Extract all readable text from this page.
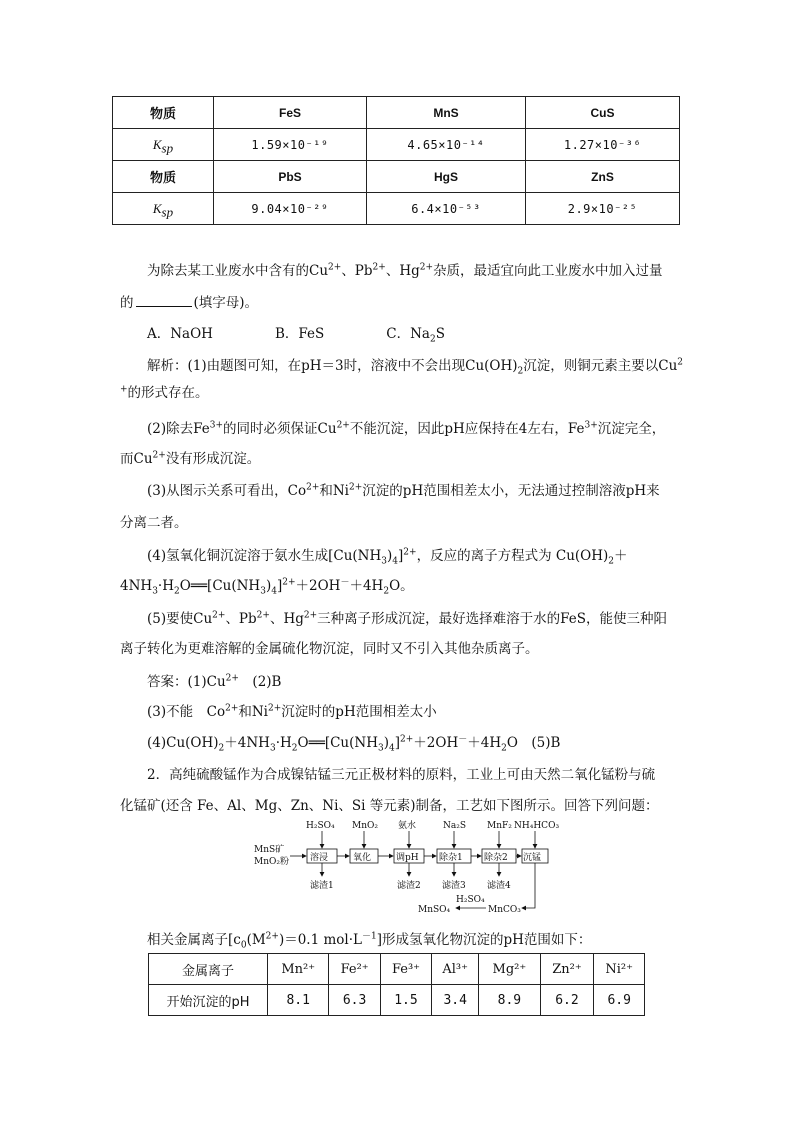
物质	FeS	MnS	CuS
$K_{sp}$	1.59×10⁻¹⁹	4.65×10⁻¹⁴	1.27×10⁻³⁶
物质	PbS	HgS	ZnS
$K_{sp}$	9.04×10⁻²⁹	6.4×10⁻⁵³	2.9×10⁻²⁵
为除去某工业废水中含有的$Cu^{2+}$、$Pb^{2+}$、$Hg^{2+}$杂质，最适宜向此工业废水中加入过量
的	(填字母)。
A．NaOH	B．FeS	C．$Na_2S$
解析：(1)由题图可知，在pH＝3时，溶液中不会出现$Cu(OH)_2$沉淀，则铜元素主要以Cu$^2$
+的形式存在。
(2)除去$Fe^{3+}$的同时必须保证$Cu^{2+}$不能沉淀，因此pH应保持在4左右，$Fe^{3+}$沉淀完全，
而$Cu^{2+}$没有形成沉淀。
(3)从图示关系可看出，$Co^{2+}$和$Ni^{2+}$沉淀的pH范围相差太小，无法通过控制溶液pH来
分离二者。
(4)氢氧化铜沉淀溶于氨水生成$[Cu(NH_3)_4]^{2+}$，反应的离子方程式为 $Cu(OH)_2+$
$4NH_3\cdot H_2O══[Cu(NH_3)_4]^{2+}+2OH^-+4H_2O$。
(5)要使$Cu^{2+}$、$Pb^{2+}$、$Hg^{2+}$三种离子形成沉淀，最好选择难溶于水的FeS，能使三种阳
离子转化为更难溶解的金属硫化物沉淀，同时又不引入其他杂质离子。
答案：$(1)Cu^{2+}$　(2)B
(3)不能　$Co^{2+}$和$Ni^{2+}$沉淀时的pH范围相差太小
$(4)Cu(OH)_2+4NH_3\cdot H_2O══[Cu(NH_3)_4]^{2+}+2OH^-+4H_2O$　(5)B
2．高纯硫酸锰作为合成镍钴锰三元正极材料的原料，工业上可由天然二氧化锰粉与硫
化锰矿(还含 Fe、Al、Mg、Zn、Ni、Si 等元素)制备，工艺如下图所示。回答下列问题：
MnS矿
MnO₂粉 溶浸	氧化	调pH 除杂1 除杂2 沉锰
H₂SO₄ MnO₂ 氨水	Na₂S MnF₂ NH₄HCO₃
滤渣1	滤渣2 滤渣3 滤渣4
MnCO₃
H₂SO₄
MnSO₄
相关金属离子[$c_0(M^{2+})=0.1$ $mol\cdot L^{-1}$]形成氢氧化物沉淀的pH范围如下：
金属离子	Mn²⁺	Fe²⁺	Fe³⁺	Al³⁺	Mg²⁺	Zn²⁺	Ni²⁺
开始沉淀的pH	8.1	6.3	1.5	3.4	8.9	6.2	6.9
